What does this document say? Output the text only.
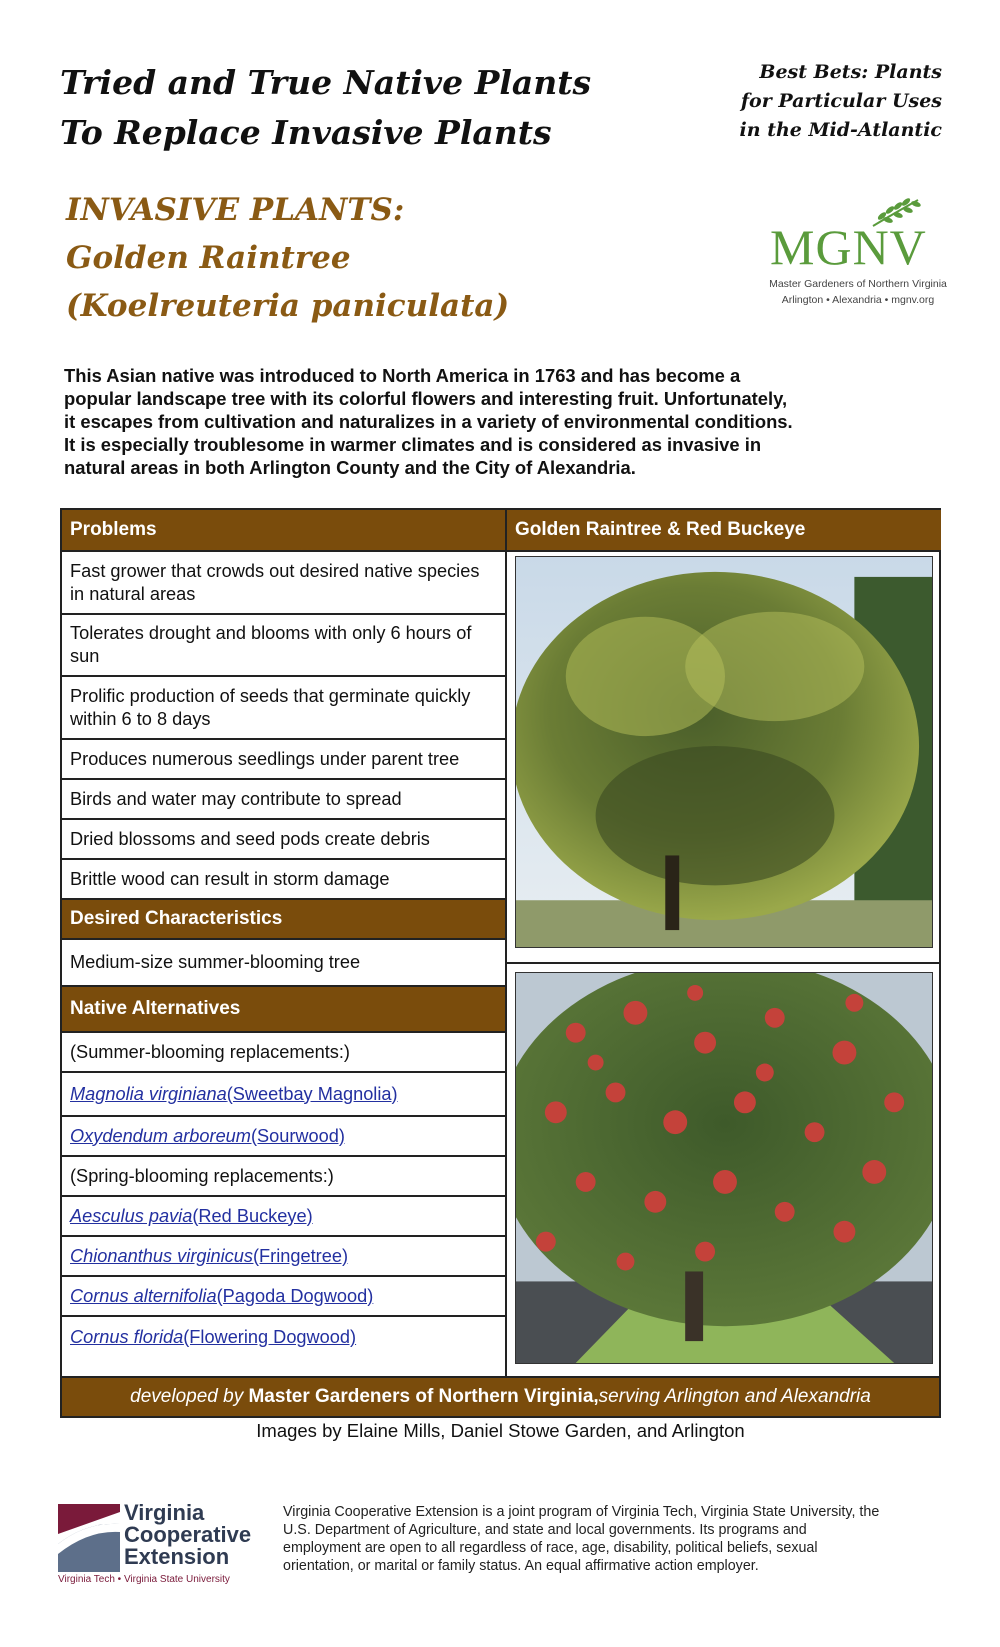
Tried and True Native Plants
To Replace Invasive Plants
Best Bets: Plants
for Particular Uses
in the Mid-Atlantic
INVASIVE PLANTS:
Golden Raintree
(Koelreuteria paniculata)
MGNV
Master Gardeners of Northern Virginia
Arlington • Alexandria • mgnv.org
This Asian native was introduced to North America in 1763 and has become a
popular landscape tree with its colorful flowers and interesting fruit. Unfortunately,
it escapes from cultivation and naturalizes in a variety of environmental conditions.
It is especially troublesome in warmer climates and is considered as invasive in
natural areas in both Arlington County and the City of Alexandria.
Problems
Fast grower that crowds out desired native species in natural areas
Tolerates drought and blooms with only 6 hours of sun
Prolific production of seeds that germinate quickly within 6 to 8 days
Produces numerous seedlings under parent tree
Birds and water may contribute to spread
Dried blossoms and seed pods create debris
Brittle wood can result in storm damage
Desired Characteristics
Medium-size summer-blooming tree
Native Alternatives
(Summer-blooming replacements:)
Magnolia virginiana (Sweetbay Magnolia)
Oxydendum arboreum (Sourwood)
(Spring-blooming replacements:)
Aesculus pavia (Red Buckeye)
Chionanthus virginicus (Fringetree)
Cornus alternifolia (Pagoda Dogwood)
Cornus florida (Flowering Dogwood)
Golden Raintree & Red Buckeye
developed by
Master Gardeners of Northern Virginia, serving Arlington and Alexandria
Images by Elaine Mills, Daniel Stowe Garden, and Arlington
Virginia
Cooperative
Extension
Virginia Tech • Virginia State University
Virginia Cooperative Extension is a joint program of Virginia Tech, Virginia State University, the U.S. Department of Agriculture, and state and local governments. Its programs and employment are open to all regardless of race, age, disability, political beliefs, sexual orientation, or marital or family status. An equal affirmative action employer.
